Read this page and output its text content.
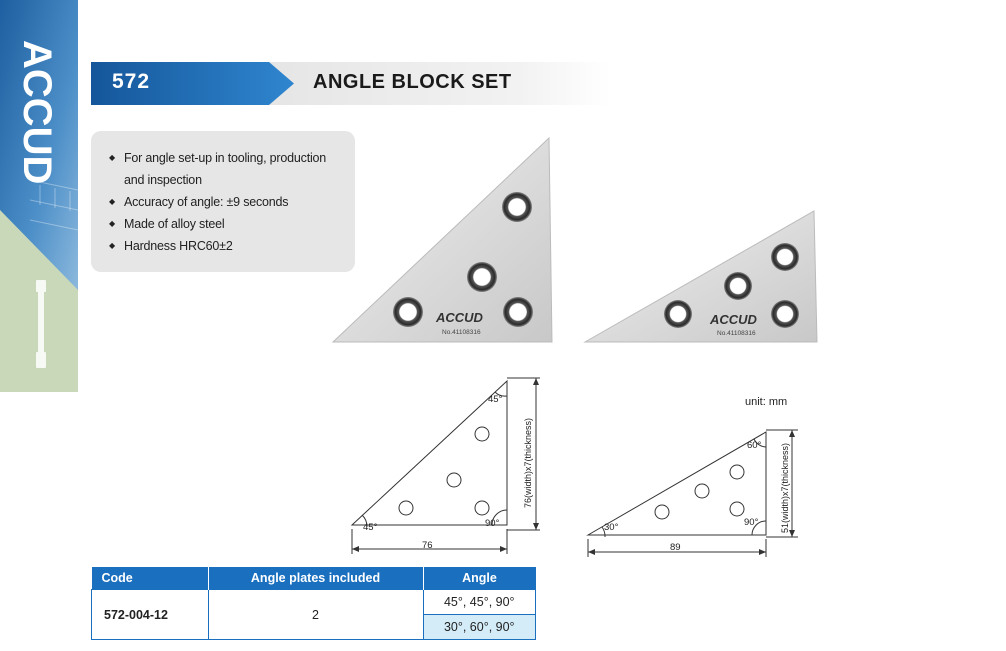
ACCUD	572	ANGLE BLOCK SET
◆ For angle set-up in tooling, production
and inspection
◆ Accuracy of angle: ±9 seconds
◆ Made of alloy steel
◆ Hardness HRC60±2
ACCUD
No.41108316
ACCUD
No.41108316
45°
45°	90°
76
76(width)x7(thickness)
unit: mm
60°
30°	90°
89
51(width)x7(thickness)
Code	Angle plates included	Angle
572-004-12	2	45°, 45°, 90°
		30°, 60°, 90°
